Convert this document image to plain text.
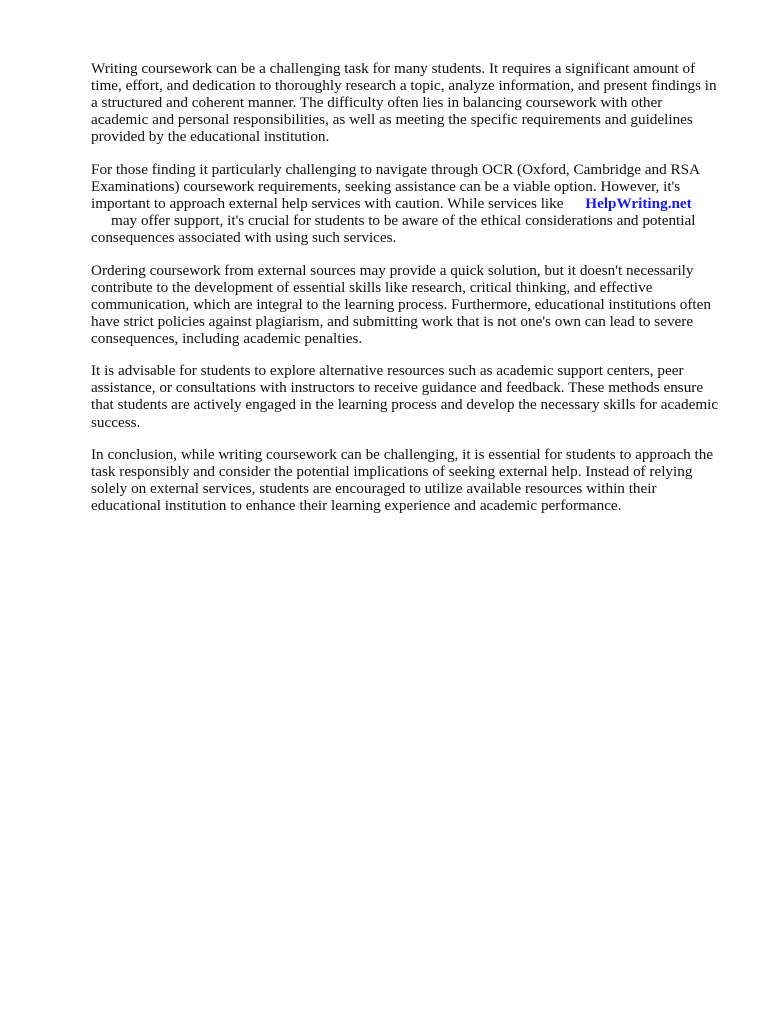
Writing coursework can be a challenging task for many students. It requires a significant amount of time, effort, and dedication to thoroughly research a topic, analyze information, and present findings in a structured and coherent manner. The difficulty often lies in balancing coursework with other academic and personal responsibilities, as well as meeting the specific requirements and guidelines provided by the educational institution.

For those finding it particularly challenging to navigate through OCR (Oxford, Cambridge and RSA Examinations) coursework requirements, seeking assistance can be a viable option. However, it's important to approach external help services with caution. While services like HelpWriting.net
may offer support, it's crucial for students to be aware of the ethical considerations and potential consequences associated with using such services.

Ordering coursework from external sources may provide a quick solution, but it doesn't necessarily contribute to the development of essential skills like research, critical thinking, and effective communication, which are integral to the learning process. Furthermore, educational institutions often have strict policies against plagiarism, and submitting work that is not one's own can lead to severe consequences, including academic penalties.

It is advisable for students to explore alternative resources such as academic support centers, peer assistance, or consultations with instructors to receive guidance and feedback. These methods ensure that students are actively engaged in the learning process and develop the necessary skills for academic success.

In conclusion, while writing coursework can be challenging, it is essential for students to approach the task responsibly and consider the potential implications of seeking external help. Instead of relying solely on external services, students are encouraged to utilize available resources within their educational institution to enhance their learning experience and academic performance.
